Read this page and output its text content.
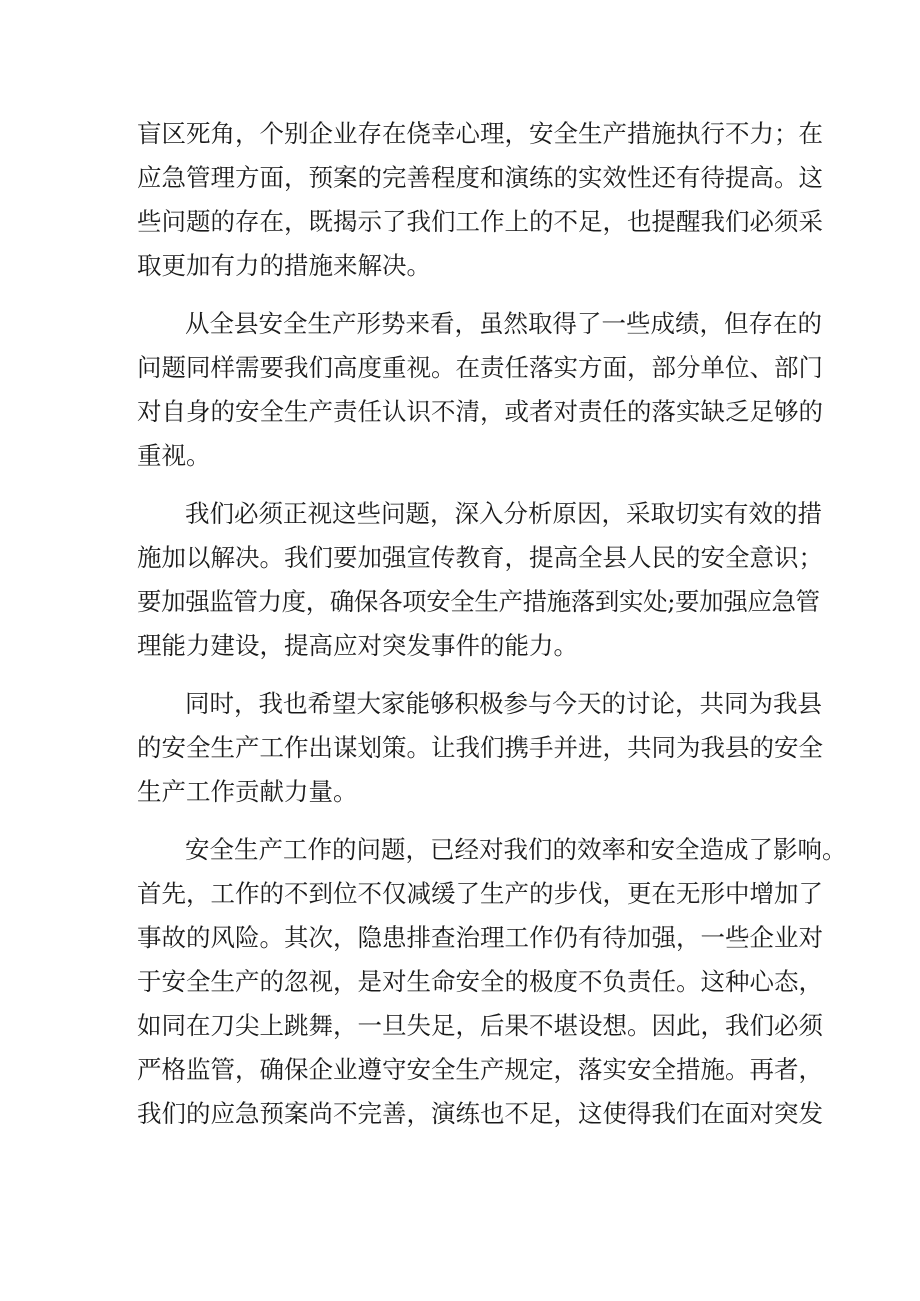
盲区死角，个别企业存在侥幸心理，安全生产措施执行不力；在
应急管理方面，预案的完善程度和演练的实效性还有待提高。这
些问题的存在，既揭示了我们工作上的不足，也提醒我们必须采
取更加有力的措施来解决。
从全县安全生产形势来看，虽然取得了一些成绩，但存在的
问题同样需要我们高度重视。在责任落实方面，部分单位、部门
对自身的安全生产责任认识不清，或者对责任的落实缺乏足够的
重视。
我们必须正视这些问题，深入分析原因，采取切实有效的措
施加以解决。我们要加强宣传教育，提高全县人民的安全意识；
要加强监管力度，确保各项安全生产措施落到实处;要加强应急管
理能力建设，提高应对突发事件的能力。
同时，我也希望大家能够积极参与今天的讨论，共同为我县
的安全生产工作出谋划策。让我们携手并进，共同为我县的安全
生产工作贡献力量。
安全生产工作的问题，已经对我们的效率和安全造成了影响。
首先，工作的不到位不仅减缓了生产的步伐，更在无形中增加了
事故的风险。其次，隐患排查治理工作仍有待加强，一些企业对
于安全生产的忽视，是对生命安全的极度不负责任。这种心态，
如同在刀尖上跳舞，一旦失足，后果不堪设想。因此，我们必须
严格监管，确保企业遵守安全生产规定，落实安全措施。再者，
我们的应急预案尚不完善，演练也不足，这使得我们在面对突发
